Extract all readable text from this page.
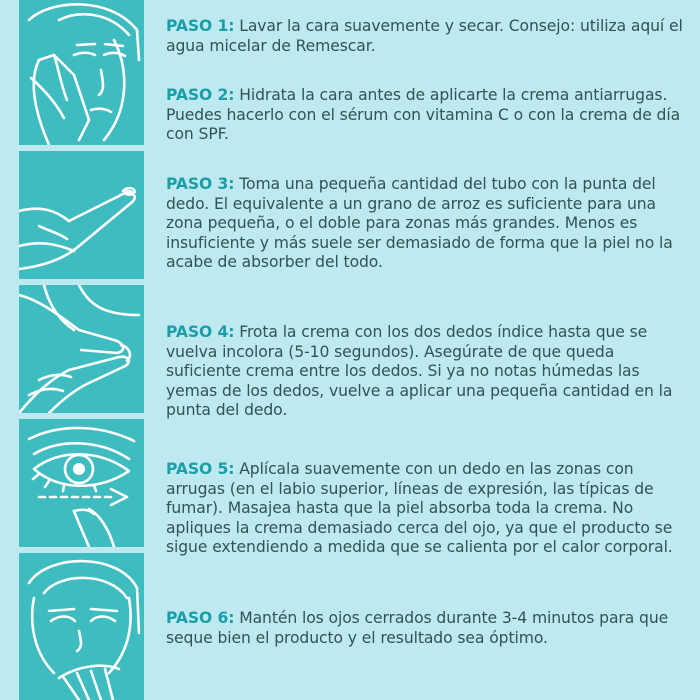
PASO 1: Lavar la cara suavemente y secar. Consejo: utiliza aquí el agua micelar de Remescar.
PASO 2: Hidrata la cara antes de aplicarte la crema antiarrugas. Puedes hacerlo con el sérum con vitamina C o con la crema de día con SPF.
PASO 3: Toma una pequeña cantidad del tubo con la punta del dedo. El equivalente a un grano de arroz es suficiente para una zona pequeña, o el doble para zonas más grandes. Menos es insuficiente y más suele ser demasiado de forma que la piel no la acabe de absorber del todo.
PASO 4: Frota la crema con los dos dedos índice hasta que se vuelva incolora (5-10 segundos). Asegúrate de que queda suficiente crema entre los dedos. Si ya no notas húmedas las yemas de los dedos, vuelve a aplicar una pequeña cantidad en la punta del dedo.
PASO 5: Aplícala suavemente con un dedo en las zonas con arrugas (en el labio superior, líneas de expresión, las típicas de fumar). Masajea hasta que la piel absorba toda la crema. No apliques la crema demasiado cerca del ojo, ya que el producto se sigue extendiendo a medida que se calienta por el calor corporal.
PASO 6: Mantén los ojos cerrados durante 3-4 minutos para que seque bien el producto y el resultado sea óptimo.
